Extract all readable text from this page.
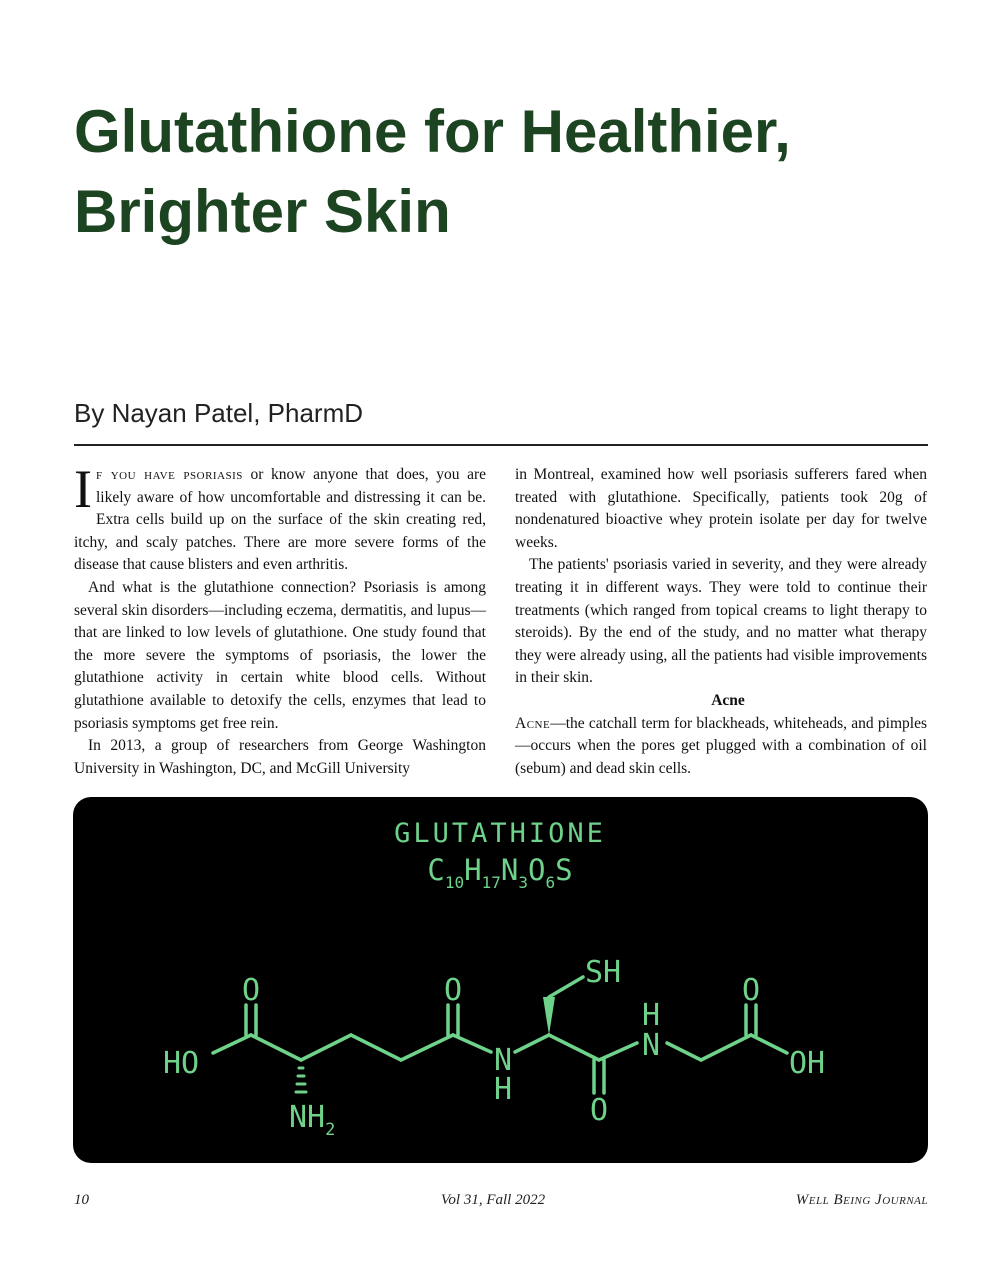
Glutathione for Healthier,
Brighter Skin
By Nayan Patel, PharmD

If you have psoriasis or know anyone that does, you are likely aware of how uncomfortable and distressing it can be. Extra cells build up on the surface of the skin creating red, itchy, and scaly patches. There are more severe forms of the disease that cause blisters and even arthritis.

And what is the glutathione connection? Psoriasis is among several skin disorders—including eczema, dermatitis, and lupus—that are linked to low levels of glutathione. One study found that the more severe the symptoms of psoriasis, the lower the glutathione activity in certain white blood cells. Without glutathione available to detoxify the cells, enzymes that lead to psoriasis symptoms get free rein.

In 2013, a group of researchers from George Washington University in Washington, DC, and McGill University

in Montreal, examined how well psoriasis sufferers fared when treated with glutathione. Specifically, patients took 20g of nondenatured bioactive whey protein isolate per day for twelve weeks.

The patients' psoriasis varied in severity, and they were already treating it in different ways. They were told to continue their treatments (which ranged from topical creams to light therapy to steroids). By the end of the study, and no matter what therapy they were already using, all the patients had visible improvements in their skin.

Acne

Acne—the catchall term for blackheads, whiteheads, and pimples—occurs when the pores get plugged with a combination of oil (sebum) and dead skin cells.

GLUTATHIONE
$C_{10}H_{17}N_3O_6S$
HO
O
$NH_2$
O
N
H
SH
O
H
N
O
OH
10	Vol 31, Fall 2022	Well Being Journal
